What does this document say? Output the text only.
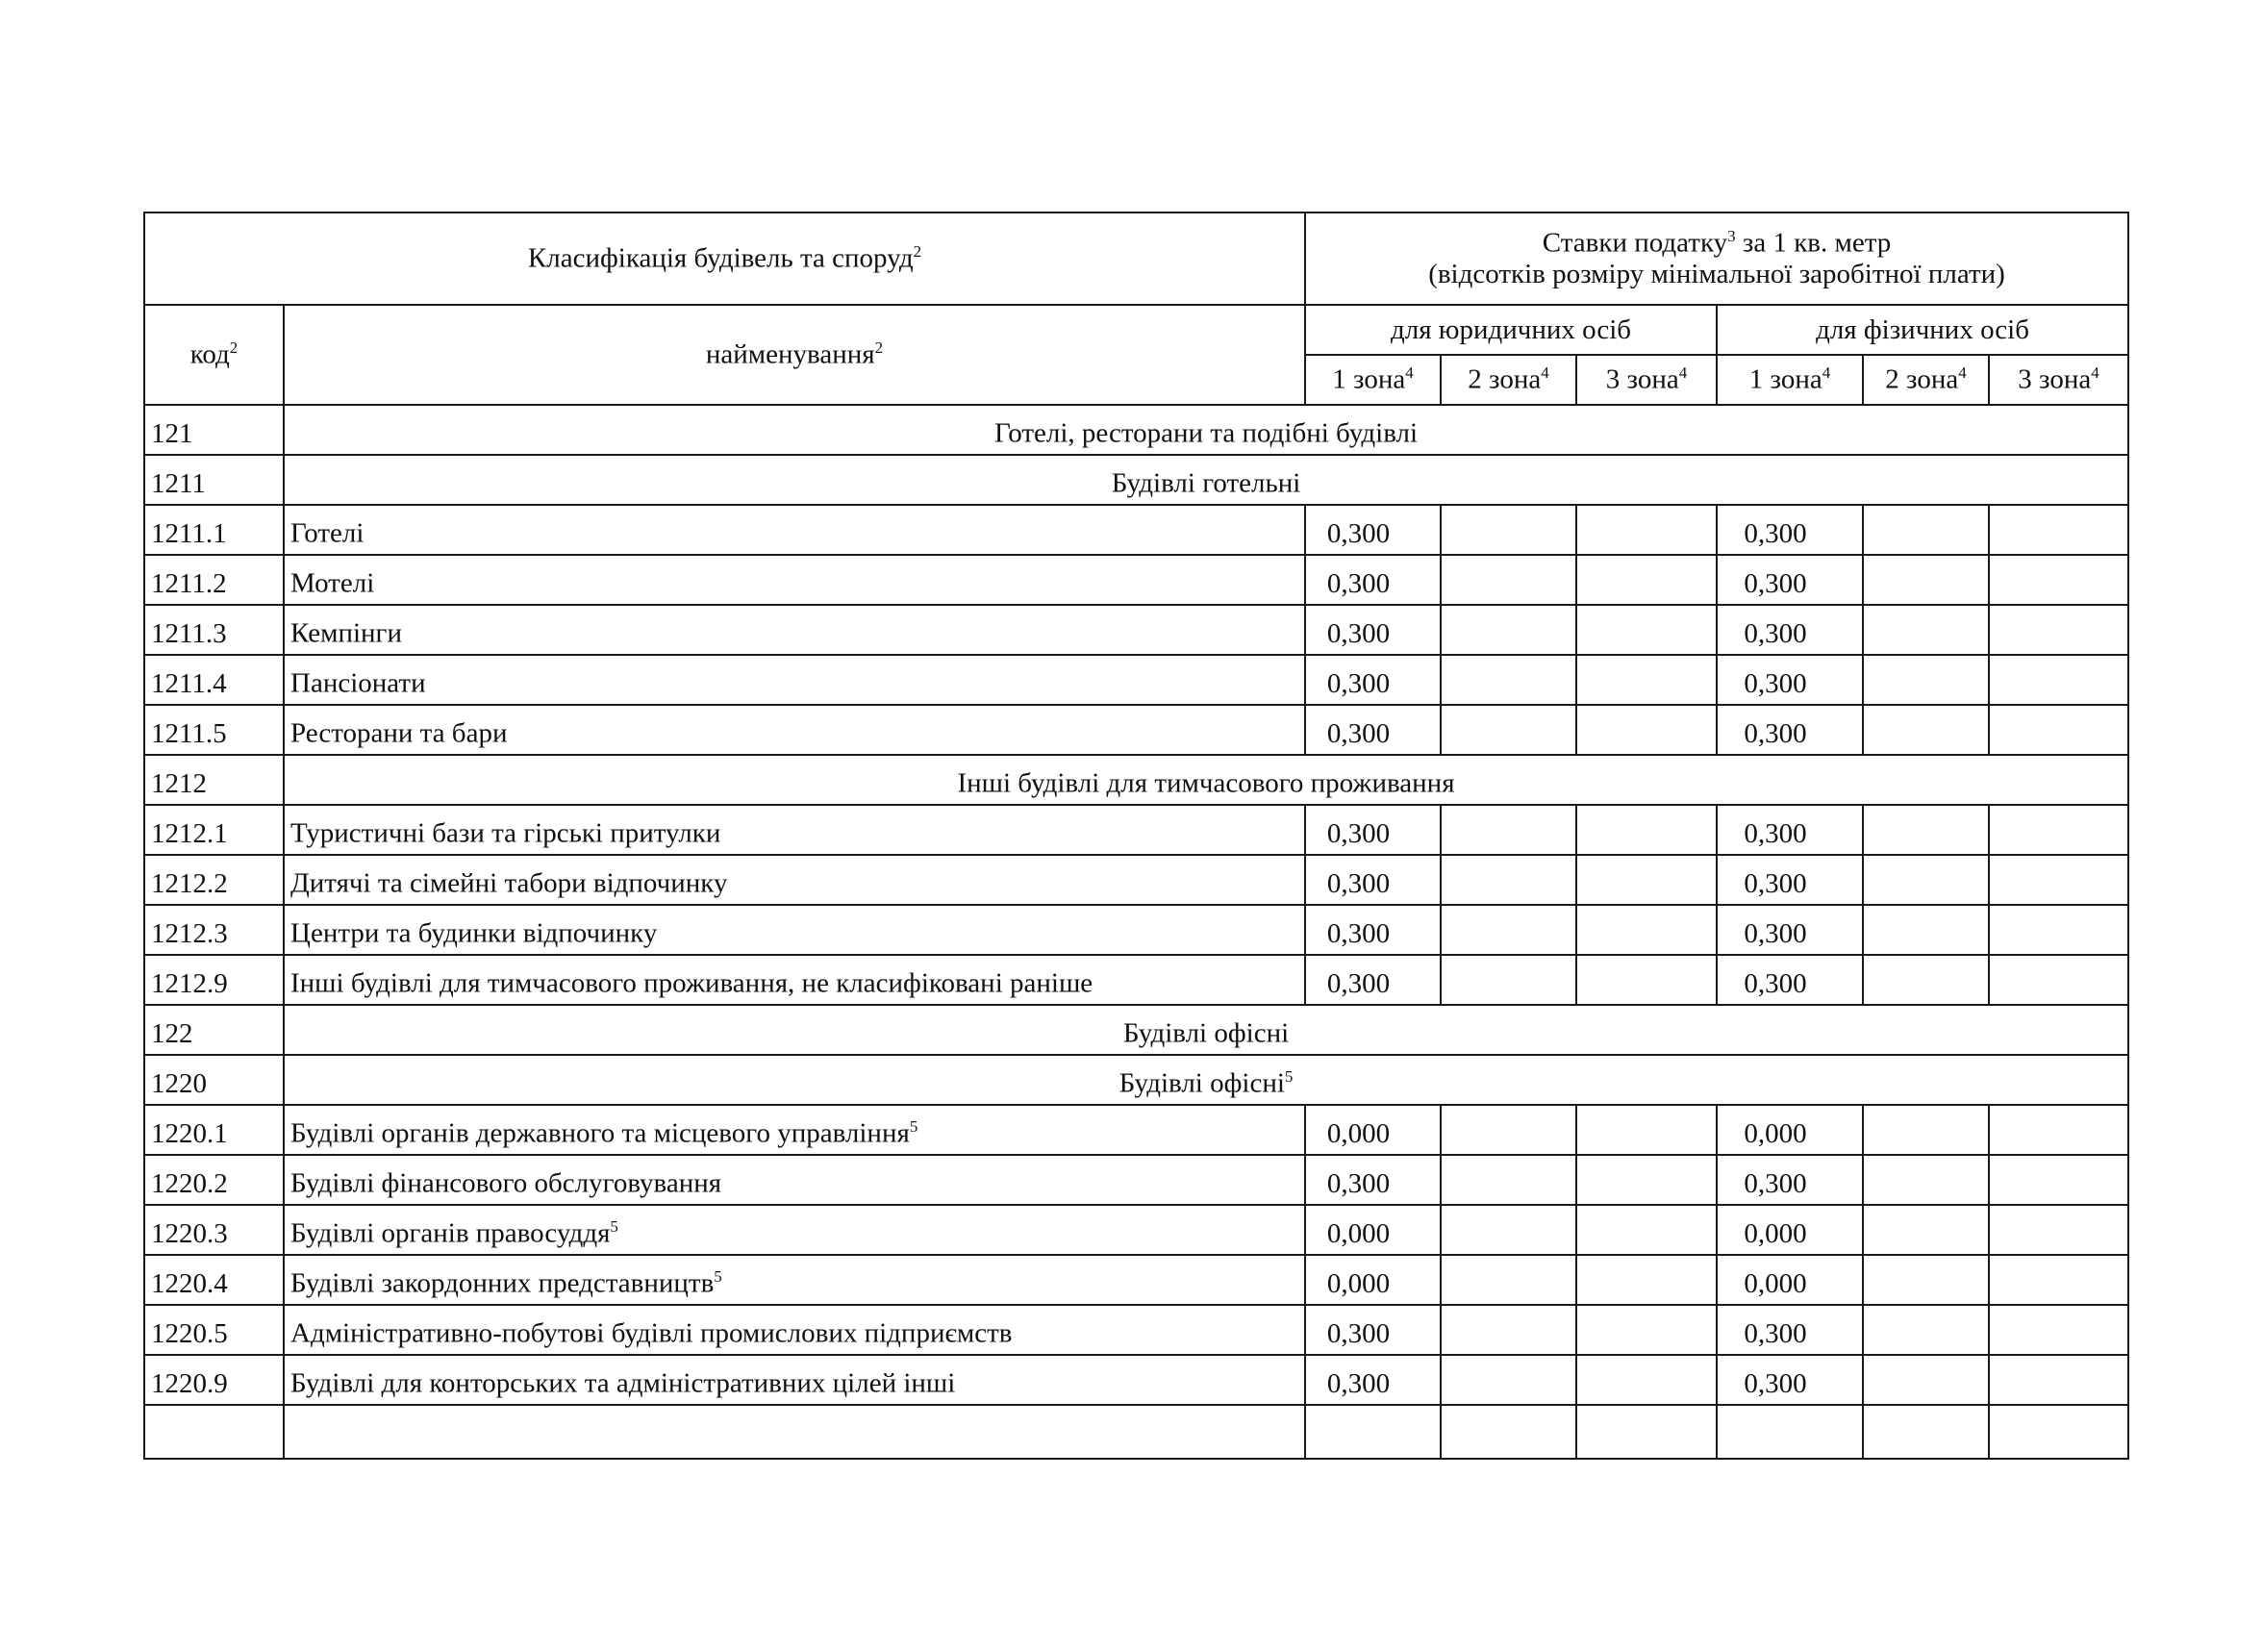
Класифікація будівель та споруд$^2$		Ставки податку$^3$ за 1 кв. метр
(відсотків розміру мінімальної заробітної плати)					

код$^2$	найменування$^2$	для юридичних осіб			для фізичних осіб		
		1 зона$^4$	2 зона$^4$	3 зона$^4$	1 зона$^4$	2 зона$^4$	3 зона$^4$
121	Готелі, ресторани та подібні будівлі						
1211	Будівлі готельні						
1211.1	Готелі	0,300			0,300		
1211.2	Мотелі	0,300			0,300		
1211.3	Кемпінги	0,300			0,300		
1211.4	Пансіонати	0,300			0,300		
1211.5	Ресторани та бари	0,300			0,300		
1212	Інші будівлі для тимчасового проживання						
1212.1	Туристичні бази та гірські притулки	0,300			0,300		
1212.2	Дитячі та сімейні табори відпочинку	0,300			0,300		
1212.3	Центри та будинки відпочинку	0,300			0,300		
1212.9	Інші будівлі для тимчасового проживання, не класифіковані раніше	0,300			0,300		
122	Будівлі офісні						
1220	Будівлі офісні$^5$
1220.1	Будівлі органів державного та місцевого управління$^5$	0,000			0,000		
1220.2	Будівлі фінансового обслуговування	0,300			0,300		
1220.3	Будівлі органів правосуддя$^5$	0,000			0,000		
1220.4	Будівлі закордонних представництв$^5$	0,000			0,000		
1220.5	Адміністративно-побутові будівлі промислових підприємств	0,300			0,300		
1220.9	Будівлі для конторських та адміністративних цілей інші	0,300			0,300		
